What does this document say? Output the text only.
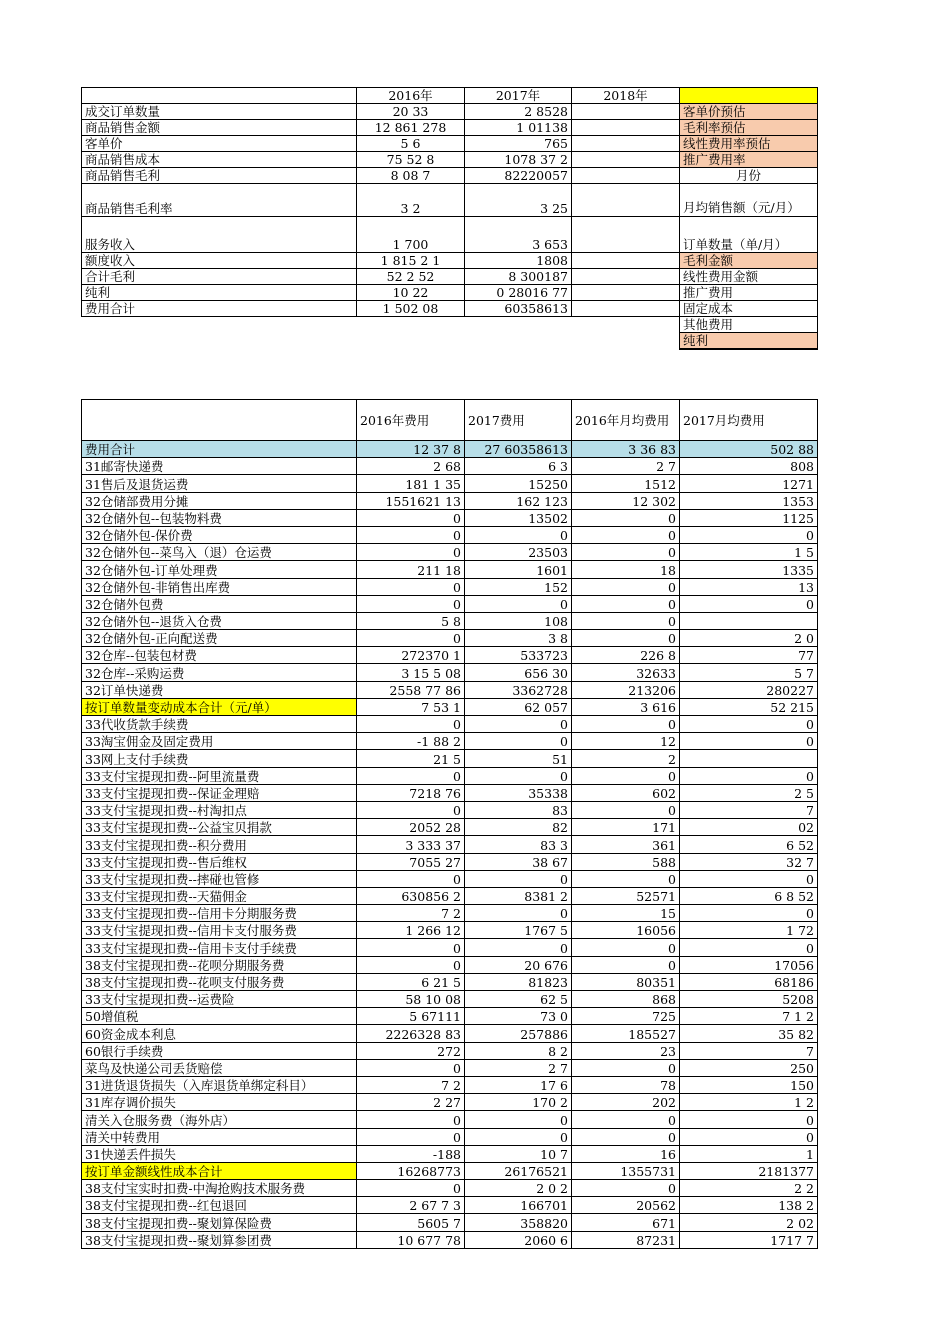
	2016年	2017年	2018年	
成交订单数量	20 33	2 8528		客单价预估
商品销售金额	12 861 278	1 01138		毛利率预估
客单价	5 6	765		线性费用率预估
商品销售成本	75 52 8	1078 37 2		推广费用率
商品销售毛利	8 08 7	82220057		月份
商品销售毛利率	3 2	3 25		月均销售额（元/月）
服务收入	1 700	3 653		订单数量（单/月）
额度收入	1 815 2 1	1808		毛利金额
合计毛利	52 2 52	8 300187		线性费用金额
纯利	10 22	0 28016 77		推广费用
费用合计	1 502 08	60358613		固定成本
				其他费用
				纯利

	2016年费用	2017费用	2016年月均费用	2017月均费用
费用合计	12 37 8	27 60358613	3 36 83	502 88
31邮寄快递费	2 68	6 3	2 7	808
31售后及退货运费	181 1 35	15250	1512	1271
32仓储部费用分摊	1551621 13	162 123	12 302	1353
32仓储外包--包装物料费	0	13502	0	1125
32仓储外包-保价费	0	0	0	0
32仓储外包--菜鸟入（退）仓运费	0	23503	0	1 5
32仓储外包-订单处理费	211 18	1601	18	1335
32仓储外包-非销售出库费	0	152	0	13
32仓储外包费	0	0	0	0
32仓储外包--退货入仓费	5 8	108	0	
32仓储外包-正向配送费	0	3 8	0	2 0
32仓库--包装包材费	272370 1	533723	226 8	77
32仓库--采购运费	3 15 5 08	656 30	32633	5 7
32订单快递费	2558 77 86	3362728	213206	280227
按订单数量变动成本合计（元/单）	7 53 1	62 057	3 616	52 215
33代收货款手续费	0	0	0	0
33淘宝佣金及固定费用	-1 88 2	0	12	0
33网上支付手续费	21 5	51	2	
33支付宝提现扣费--阿里流量费	0	0	0	0
33支付宝提现扣费--保证金理赔	7218 76	35338	602	2 5
33支付宝提现扣费--村淘扣点	0	83	0	7
33支付宝提现扣费--公益宝贝捐款	2052 28	82	171	02
33支付宝提现扣费--积分费用	3 333 37	83 3	361	6 52
33支付宝提现扣费--售后维权	7055 27	38 67	588	32 7
33支付宝提现扣费--摔碰也管修	0	0	0	0
33支付宝提现扣费--天猫佣金	630856 2	8381 2	52571	6 8 52
33支付宝提现扣费--信用卡分期服务费	7 2	0	15	0
33支付宝提现扣费--信用卡支付服务费	1 266 12	1767 5	16056	1 72
33支付宝提现扣费--信用卡支付手续费	0	0	0	0
38支付宝提现扣费--花呗分期服务费	0	20 676	0	17056
38支付宝提现扣费--花呗支付服务费	6 21 5	81823	80351	68186
33支付宝提现扣费--运费险	58 10 08	62 5	868	5208
50增值税	5 67111	73 0	725	7 1 2
60资金成本利息	2226328 83	257886	185527	35 82
60银行手续费	272	8 2	23	7
菜鸟及快递公司丢货赔偿	0	2 7	0	250
31进货退货损失（入库退货单绑定科目）	7 2	17 6	78	150
31库存调价损失	2 27	170 2	202	1 2
清关入仓服务费（海外店）	0	0	0	0
清关中转费用	0	0	0	0
31快递丢件损失	-188	10 7	16	1
按订单金额线性成本合计	16268773	26176521	1355731	2181377
38支付宝实时扣费-中淘抢购技术服务费	0	2 0 2	0	2 2
38支付宝提现扣费--红包退回	2 67 7 3	166701	20562	138 2
38支付宝提现扣费--聚划算保险费	5605 7	358820	671	2 02
38支付宝提现扣费--聚划算参团费	10 677 78	2060 6	87231	1717 7
